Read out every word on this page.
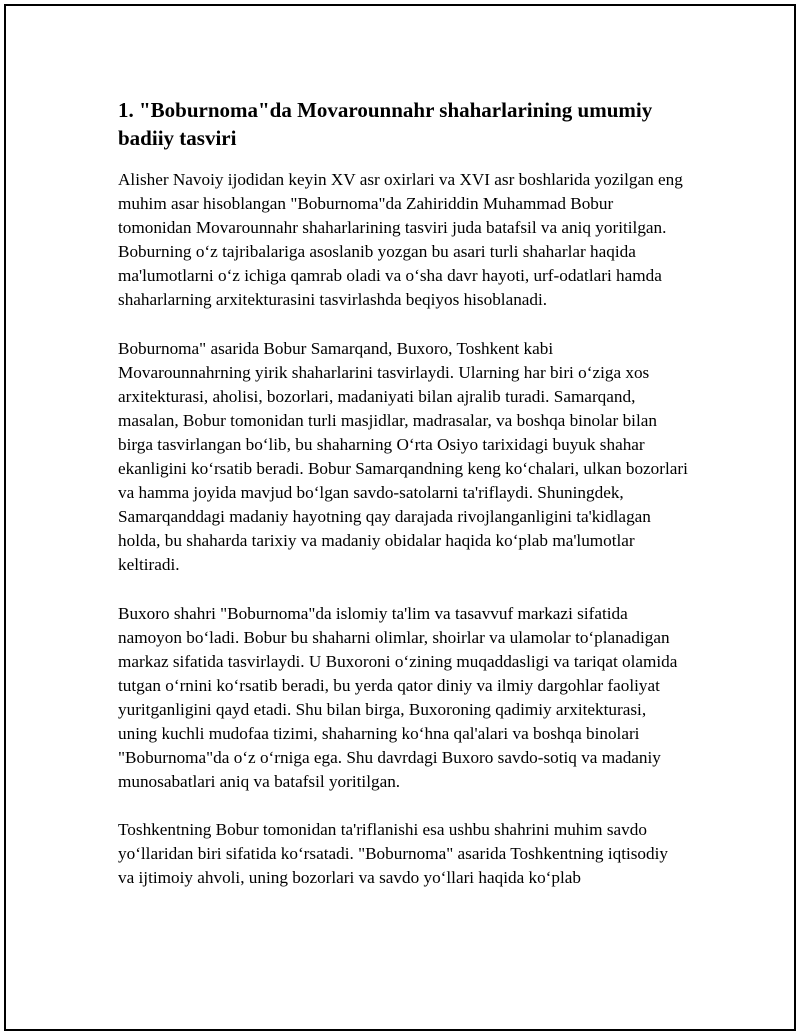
1. "Boburnoma"da Movarounnahr shaharlarining umumiy badiiy tasviri

Alisher Navoiy ijodidan keyin XV asr oxirlari va XVI asr boshlarida yozilgan eng muhim asar hisoblangan "Boburnoma"da Zahiriddin Muhammad Bobur tomonidan Movarounnahr shaharlarining tasviri juda batafsil va aniq yoritilgan. Boburning o‘z tajribalariga asoslanib yozgan bu asari turli shaharlar haqida ma'lumotlarni o‘z ichiga qamrab oladi va o‘sha davr hayoti, urf-odatlari hamda shaharlarning arxitekturasini tasvirlashda beqiyos hisoblanadi.

Boburnoma" asarida Bobur Samarqand, Buxoro, Toshkent kabi Movarounnahrning yirik shaharlarini tasvirlaydi. Ularning har biri o‘ziga xos arxitekturasi, aholisi, bozorlari, madaniyati bilan ajralib turadi. Samarqand, masalan, Bobur tomonidan turli masjidlar, madrasalar, va boshqa binolar bilan birga tasvirlangan bo‘lib, bu shaharning O‘rta Osiyo tarixidagi buyuk shahar ekanligini ko‘rsatib beradi. Bobur Samarqandning keng ko‘chalari, ulkan bozorlari va hamma joyida mavjud bo‘lgan savdo-satolarni ta'riflaydi. Shuningdek, Samarqanddagi madaniy hayotning qay darajada rivojlanganligini ta'kidlagan holda, bu shaharda tarixiy va madaniy obidalar haqida ko‘plab ma'lumotlar keltiradi.

Buxoro shahri "Boburnoma"da islomiy ta'lim va tasavvuf markazi sifatida namoyon bo‘ladi. Bobur bu shaharni olimlar, shoirlar va ulamolar to‘planadigan markaz sifatida tasvirlaydi. U Buxoroni o‘zining muqaddasligi va tariqat olamida tutgan o‘rnini ko‘rsatib beradi, bu yerda qator diniy va ilmiy dargohlar faoliyat yuritganligini qayd etadi. Shu bilan birga, Buxoroning qadimiy arxitekturasi, uning kuchli mudofaa tizimi, shaharning ko‘hna qal'alari va boshqa binolari "Boburnoma"da o‘z o‘rniga ega. Shu davrdagi Buxoro savdo-sotiq va madaniy munosabatlari aniq va batafsil yoritilgan.

Toshkentning Bobur tomonidan ta'riflanishi esa ushbu shahrini muhim savdo yo‘llaridan biri sifatida ko‘rsatadi. "Boburnoma" asarida Toshkentning iqtisodiy va ijtimoiy ahvoli, uning bozorlari va savdo yo‘llari haqida ko‘plab
